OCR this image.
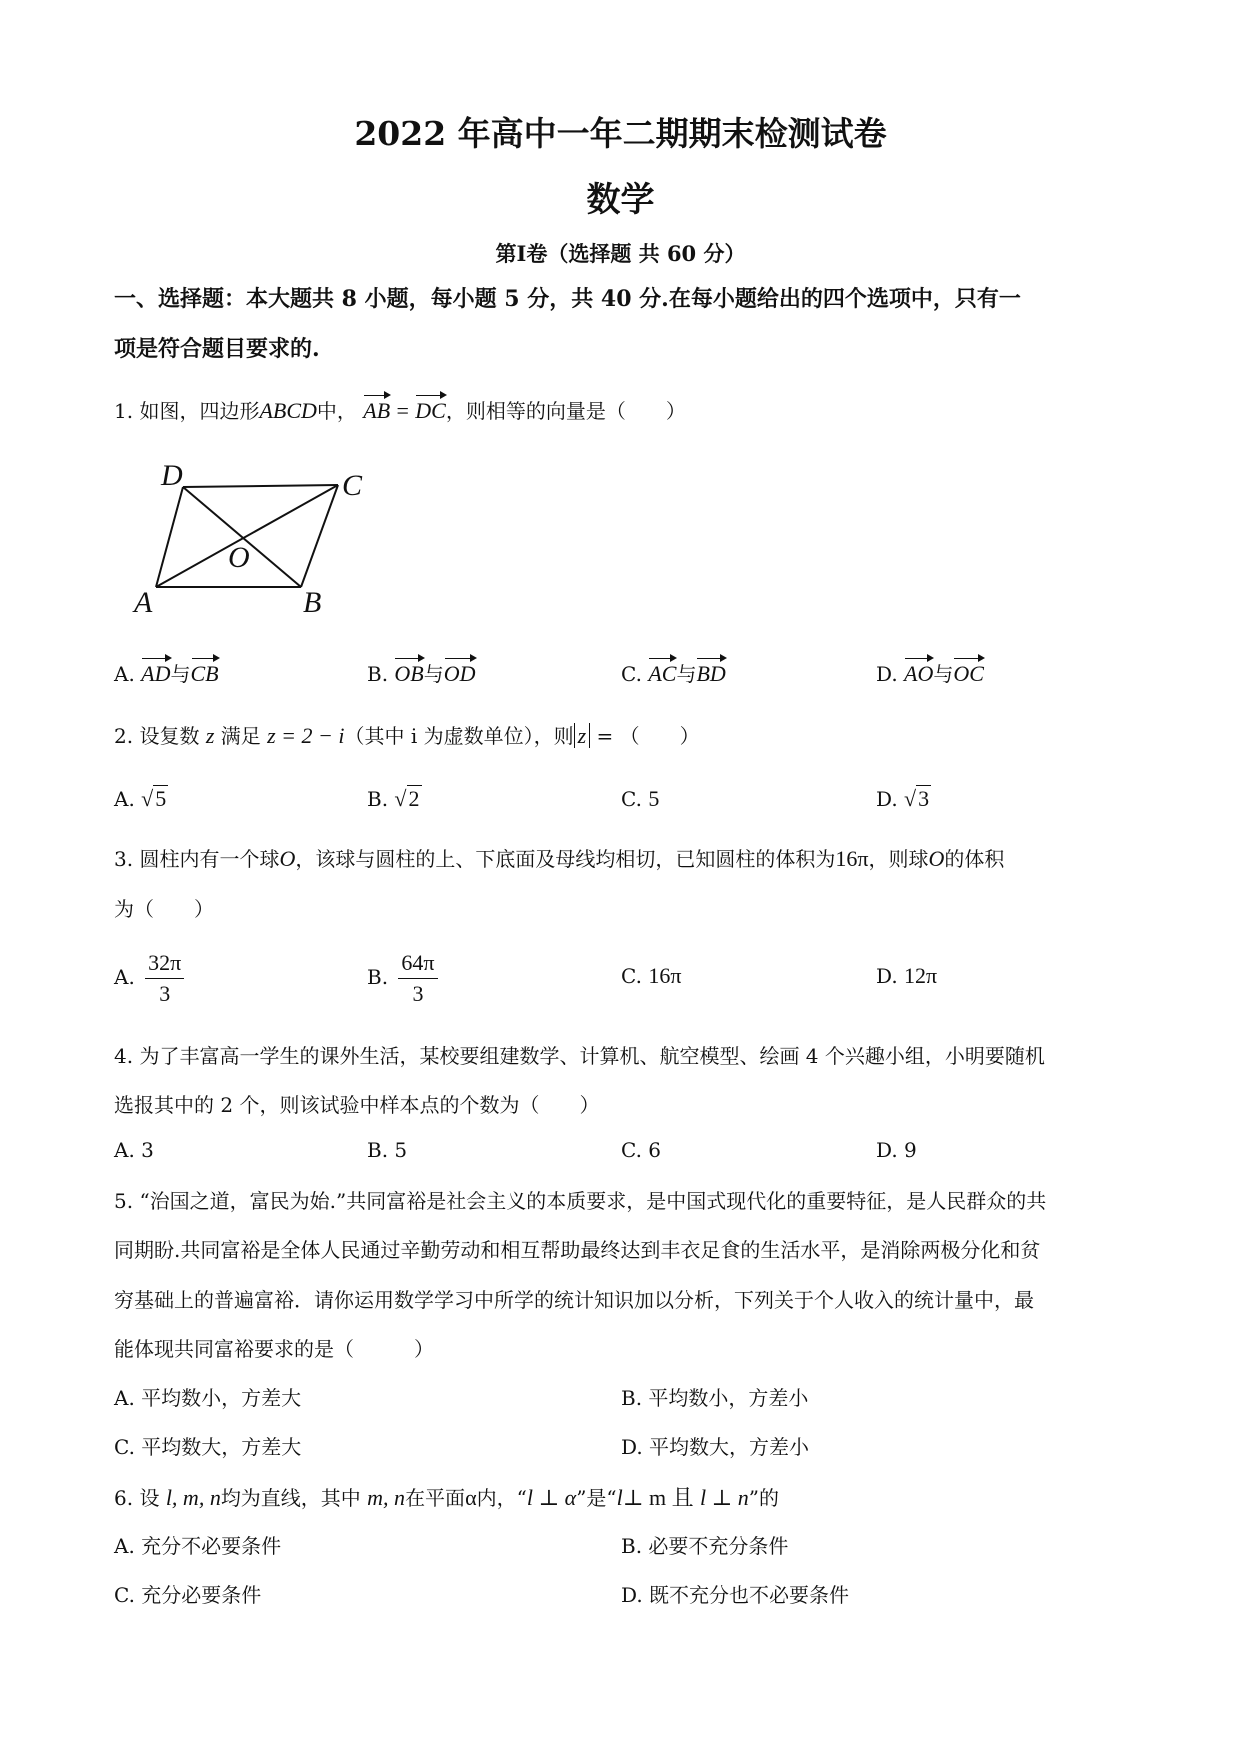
2022 年高中一年二期期末检测试卷
数学
第Ⅰ卷（选择题 共 60 分）
一、选择题：本大题共 8 小题，每小题 5 分，共 40 分.在每小题给出的四个选项中，只有一
项是符合题目要求的.
1. 如图，四边形ABCD中， AB = DC，则相等的向量是（　　）
D	C
O
A	B
A. AD与CB	B. OB与OD	C. AC与BD	D. AO与OC
2. 设复数 z 满足 z = 2 − i（其中 i 为虚数单位），则 z = （　　）
A. √5	B. √2	C. 5	D. √3
3. 圆柱内有一个球O，该球与圆柱的上、下底面及母线均相切，已知圆柱的体积为16π，则球O的体积
为（　　）
A. $\frac{32\pi}{3}$	B. $\frac{64\pi}{3}$	C. 16π	D. 12π
4. 为了丰富高一学生的课外生活，某校要组建数学、计算机、航空模型、绘画 4 个兴趣小组，小明要随机
选报其中的 2 个，则该试验中样本点的个数为（　　）
A. 3	B. 5	C. 6	D. 9
5. “治国之道，富民为始.”共同富裕是社会主义的本质要求，是中国式现代化的重要特征，是人民群众的共
同期盼.共同富裕是全体人民通过辛勤劳动和相互帮助最终达到丰衣足食的生活水平，是消除两极分化和贫
穷基础上的普遍富裕．请你运用数学学习中所学的统计知识加以分析，下列关于个人收入的统计量中，最
能体现共同富裕要求的是（　　　）
A. 平均数小，方差大	B. 平均数小，方差小
C. 平均数大，方差大	D. 平均数大，方差小
6. 设 l, m, n均为直线，其中 m, n在平面α内，“l ⊥ α”是“l⊥ m 且 l ⊥ n”的
A. 充分不必要条件	B. 必要不充分条件
C. 充分必要条件	D. 既不充分也不必要条件
